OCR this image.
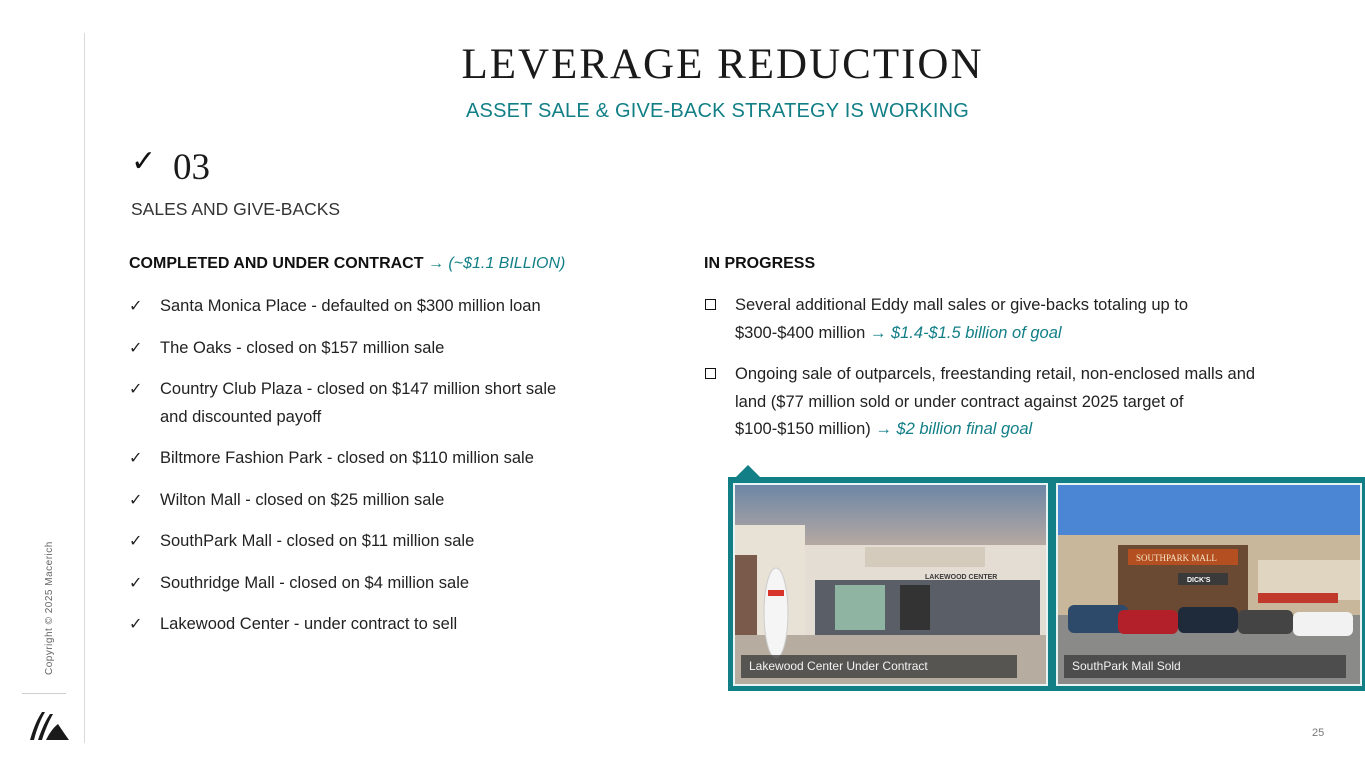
Copyright © 2025 Macerich
LEVERAGE REDUCTION
ASSET SALE & GIVE-BACK STRATEGY IS WORKING
✓ 03
SALES AND GIVE-BACKS
COMPLETED AND UNDER CONTRACT → (~$1.1 BILLION)
✓ Santa Monica Place - defaulted on $300 million loan
✓ The Oaks - closed on $157 million sale
✓ Country Club Plaza - closed on $147 million short sale and discounted payoff
✓ Biltmore Fashion Park - closed on $110 million sale
✓ Wilton Mall - closed on $25 million sale
✓ SouthPark Mall - closed on $11 million sale
✓ Southridge Mall - closed on $4 million sale
✓ Lakewood Center - under contract to sell
IN PROGRESS
Several additional Eddy mall sales or give-backs totaling up to $300-$400 million → $1.4-$1.5 billion of goal
Ongoing sale of outparcels, freestanding retail, non-enclosed malls and land ($77 million sold or under contract against 2025 target of $100-$150 million) → $2 billion final goal
LAKEWOOD CENTER
Lakewood Center Under Contract
SOUTHPARK MALL
DICK'S
SouthPark Mall Sold
25
